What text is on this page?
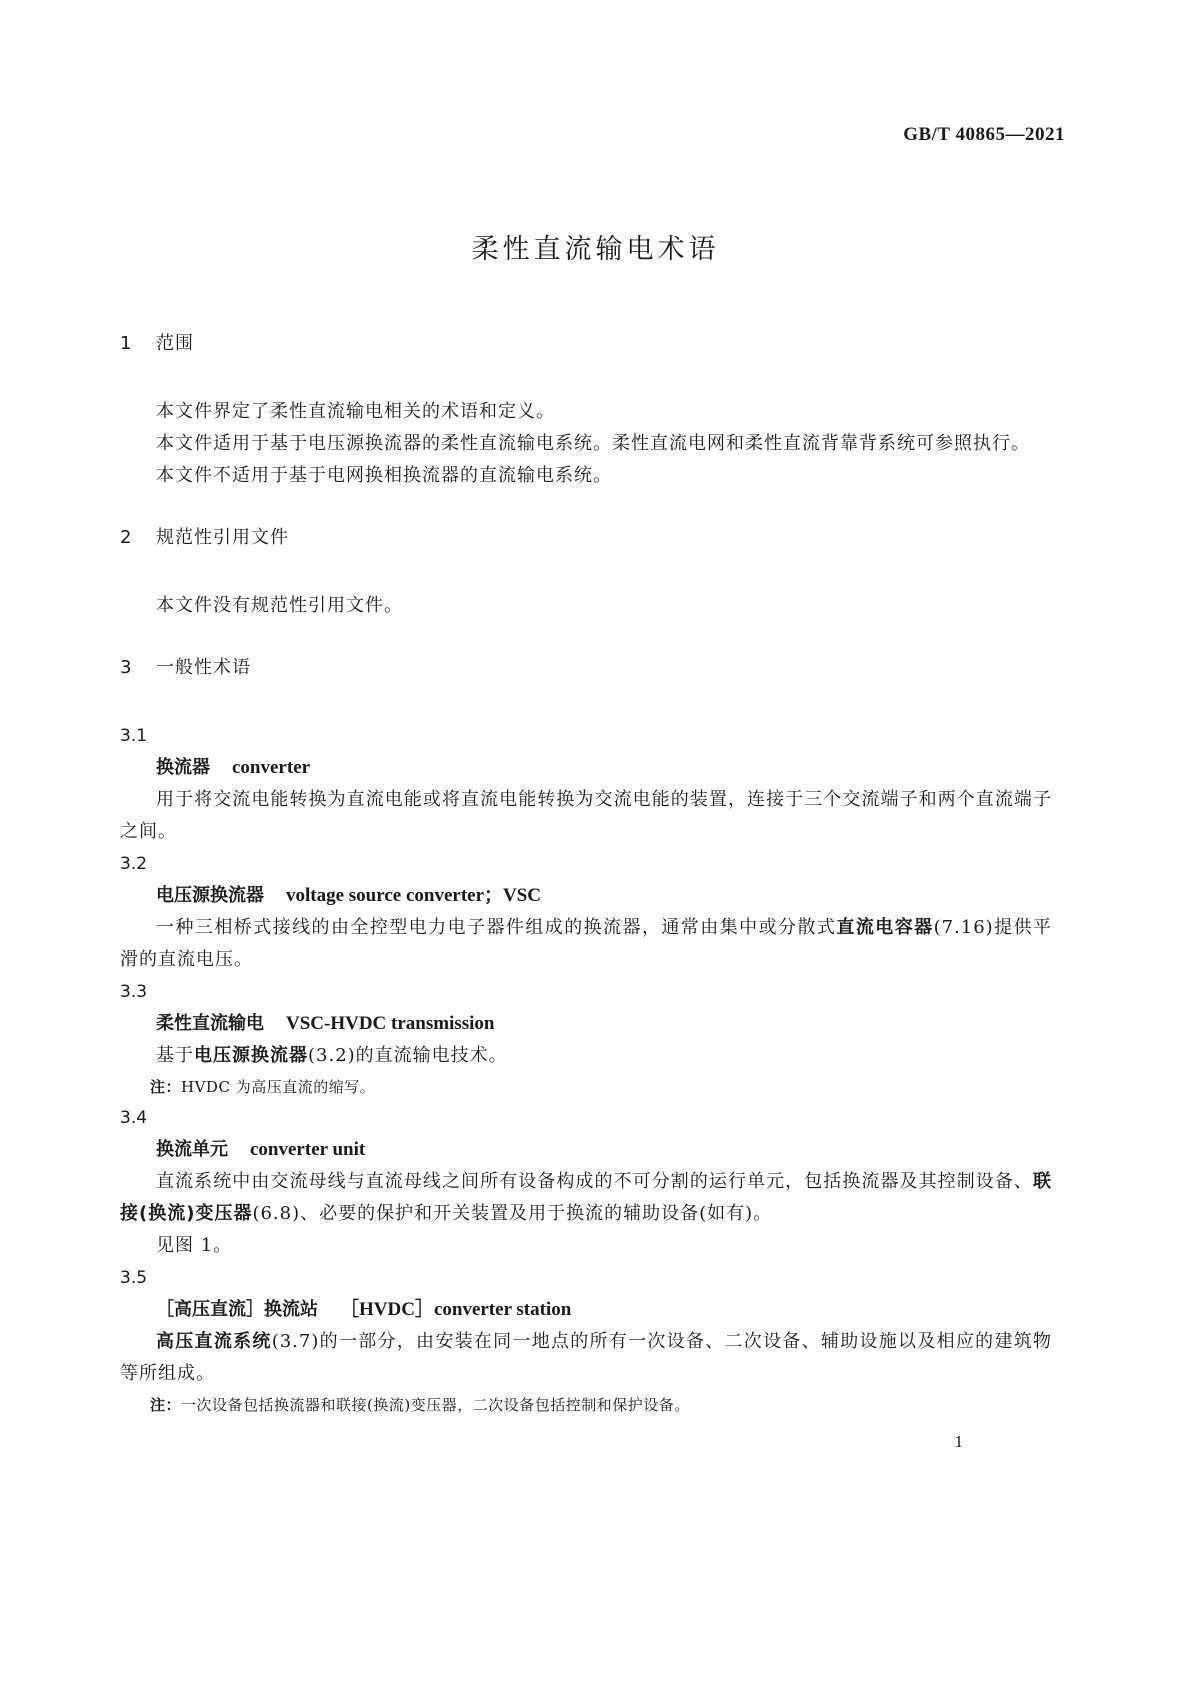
GB/T 40865—2021
柔性直流输电术语
1 范围
本文件界定了柔性直流输电相关的术语和定义。
本文件适用于基于电压源换流器的柔性直流输电系统。柔性直流电网和柔性直流背靠背系统可参照执行。
本文件不适用于基于电网换相换流器的直流输电系统。
2 规范性引用文件
本文件没有规范性引用文件。
3 一般性术语
3.1
换流器 converter
用于将交流电能转换为直流电能或将直流电能转换为交流电能的装置，连接于三个交流端子和两个直流端子之间。
3.2
电压源换流器 voltage source converter；VSC
一种三相桥式接线的由全控型电力电子器件组成的换流器，通常由集中或分散式直流电容器(7.16)提供平滑的直流电压。
3.3
柔性直流输电 VSC-HVDC transmission
基于电压源换流器(3.2)的直流输电技术。
注：HVDC 为高压直流的缩写。
3.4
换流单元 converter unit
直流系统中由交流母线与直流母线之间所有设备构成的不可分割的运行单元，包括换流器及其控制设备、联接(换流)变压器(6.8)、必要的保护和开关装置及用于换流的辅助设备(如有)。
见图 1。
3.5
［高压直流］换流站 ［HVDC］converter station
高压直流系统(3.7)的一部分，由安装在同一地点的所有一次设备、二次设备、辅助设施以及相应的建筑物等所组成。
注：一次设备包括换流器和联接(换流)变压器，二次设备包括控制和保护设备。
1
